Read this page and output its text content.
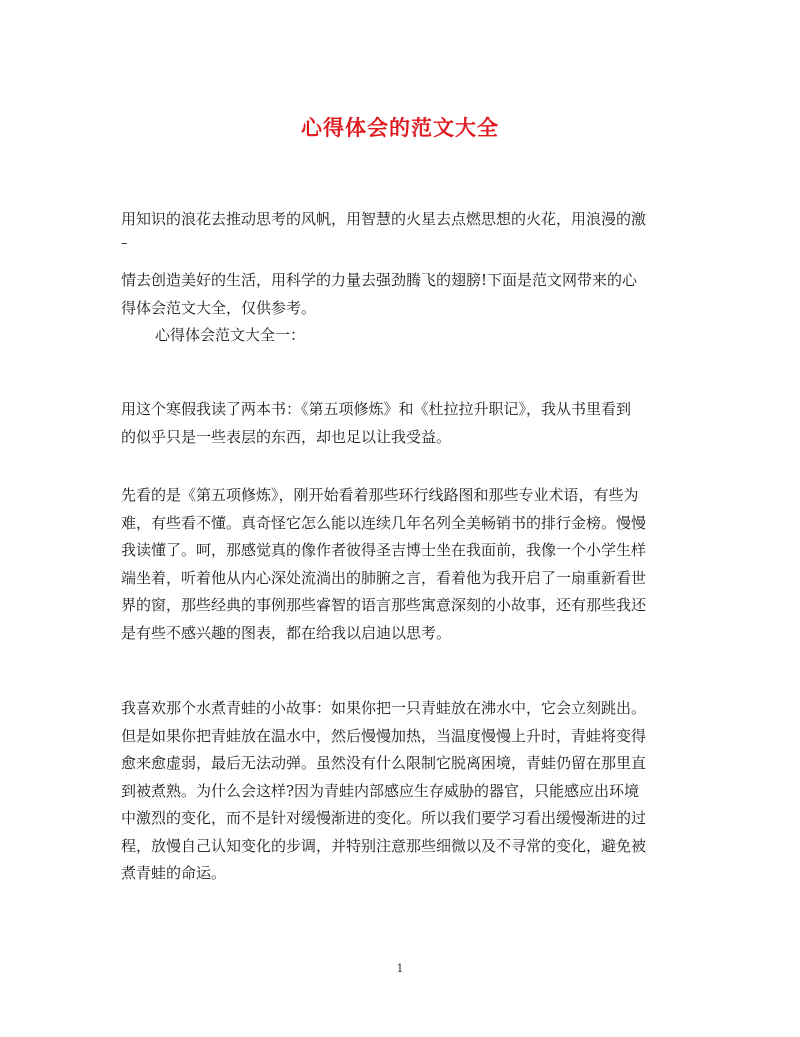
心得体会的范文大全
用知识的浪花去推动思考的风帆，用智慧的火星去点燃思想的火花，用浪漫的激
–
情去创造美好的生活，用科学的力量去强劲腾飞的翅膀!下面是范文网带来的心
得体会范文大全，仅供参考。
心得体会范文大全一：
用这个寒假我读了两本书：《第五项修炼》和《杜拉拉升职记》，我从书里看到
的似乎只是一些表层的东西，却也足以让我受益。
先看的是《第五项修炼》，刚开始看着那些环行线路图和那些专业术语，有些为
难，有些看不懂。真奇怪它怎么能以连续几年名列全美畅销书的排行金榜。慢慢
我读懂了。呵，那感觉真的像作者彼得圣吉博士坐在我面前，我像一个小学生样
端坐着，听着他从内心深处流淌出的肺腑之言，看着他为我开启了一扇重新看世
界的窗，那些经典的事例那些睿智的语言那些寓意深刻的小故事，还有那些我还
是有些不感兴趣的图表，都在给我以启迪以思考。
我喜欢那个水煮青蛙的小故事：如果你把一只青蛙放在沸水中，它会立刻跳出。
但是如果你把青蛙放在温水中，然后慢慢加热，当温度慢慢上升时，青蛙将变得
愈来愈虚弱，最后无法动弹。虽然没有什么限制它脱离困境，青蛙仍留在那里直
到被煮熟。为什么会这样?因为青蛙内部感应生存威胁的器官，只能感应出环境
中激烈的变化，而不是针对缓慢渐进的变化。所以我们要学习看出缓慢渐进的过
程，放慢自己认知变化的步调，并特别注意那些细微以及不寻常的变化，避免被
煮青蛙的命运。
1
